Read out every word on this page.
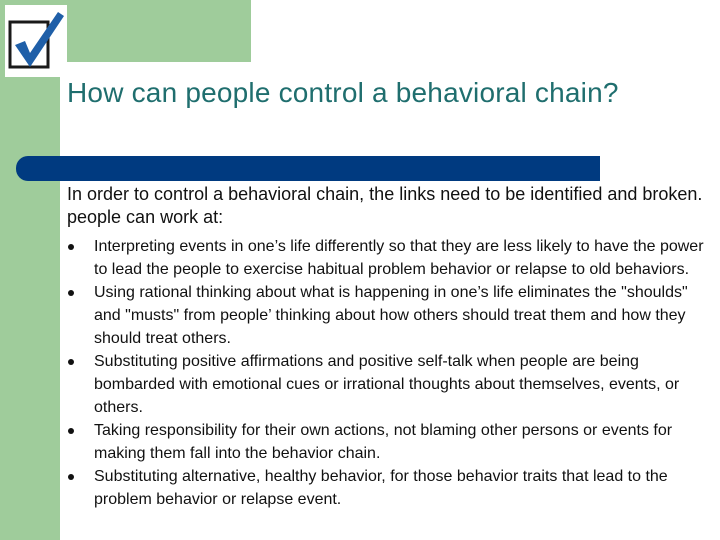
How can people control a behavioral chain?

In order to control a behavioral chain, the links need to be identified and broken. people can work at:

Interpreting events in one’s life differently so that they are less likely to have the power to lead the people to exercise habitual problem behavior or relapse to old behaviors.
Using rational thinking about what is happening in one’s life eliminates the "shoulds" and "musts" from people’ thinking about how others should treat them and how they should treat others.
Substituting positive affirmations and positive self‑talk when people are being bombarded with emotional cues or irrational thoughts about themselves, events, or others.
Taking responsibility for their own actions, not blaming other persons or events for making them fall into the behavior chain.
Substituting alternative, healthy behavior, for those behavior traits that lead to the problem behavior or relapse event.
